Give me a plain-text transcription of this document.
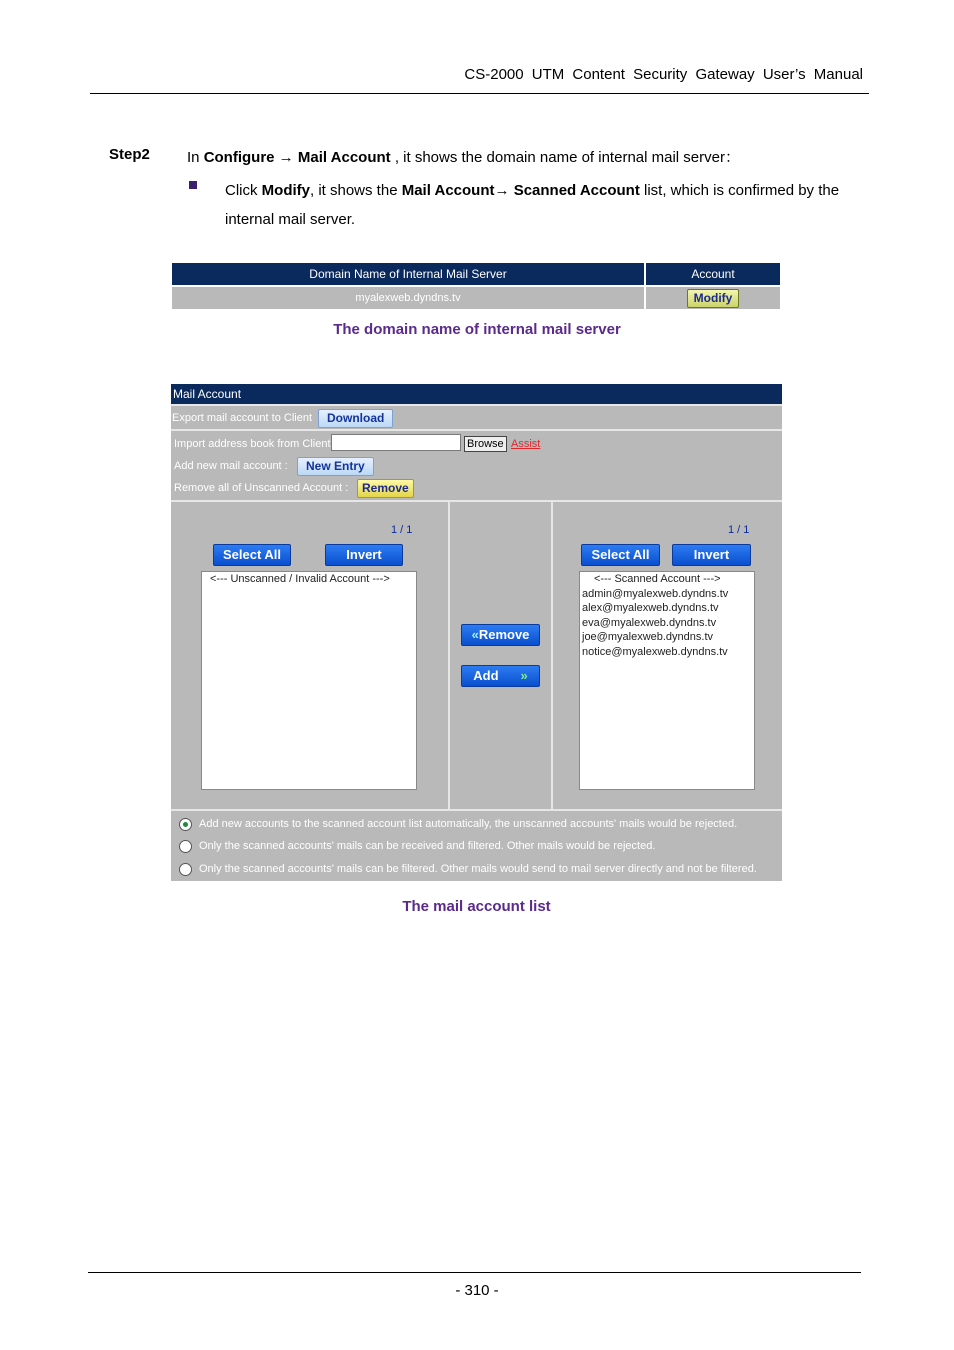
CS-2000 UTM Content Security Gateway User’s Manual
Step2 In Configure → Mail Account , it shows the domain name of internal mail server：
Click Modify, it shows the Mail Account→ Scanned Account list, which is confirmed by the internal mail server.
Domain Name of Internal Mail Server	Account
myalexweb.dyndns.tv	Modify
The domain name of internal mail server
Mail Account
Export mail account to Client	Download
Import address book from Client	Browse Assist
Add new mail account :	New Entry
Remove all of Unscanned Account :	Remove
1 / 1
Select All	Invert
<--- Unscanned / Invalid Account --->
«Remove
Add »
1 / 1
Select All	Invert
<--- Scanned Account --->
admin@myalexweb.dyndns.tv
alex@myalexweb.dyndns.tv
eva@myalexweb.dyndns.tv
joe@myalexweb.dyndns.tv
notice@myalexweb.dyndns.tv
Add new accounts to the scanned account list automatically, the unscanned accounts' mails would be rejected.
Only the scanned accounts' mails can be received and filtered. Other mails would be rejected.
Only the scanned accounts' mails can be filtered. Other mails would send to mail server directly and not be filtered.
The mail account list
- 310 -
